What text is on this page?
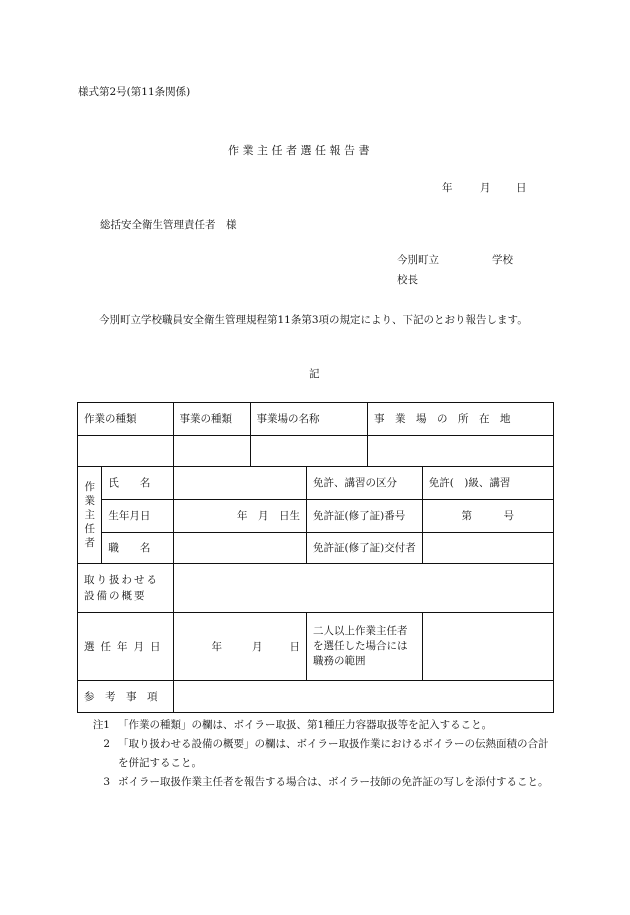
様式第2号(第11条関係)
作 業 主 任 者 選 任 報 告 書
年	月 日
総括安全衛生管理責任者　様
今別町立	学校
校長
今別町立学校職員安全衛生管理規程第11条第3項の規定により、下記のとおり報告します。
記
作業の種類		事業の種類	事業場の名称		事　業　場　の　所　在　地	

作業主任者	氏　　名			免許、講習の区分		免許(　)級、講習
	生年月日	年　月　日生		免許証(修了証)番号		第　　　号
	職　　名			免許証(修了証)交付者		
取り扱わせる設備の概要						
選任年月日		年 月 日		二人以上作業主任者を選任した場合には職務の範囲		
参　考　事　項						
注1 「作業の種類」の欄は、ボイラー取扱、第1種圧力容器取扱等を記入すること。
2 「取り扱わせる設備の概要」の欄は、ボイラー取扱作業におけるボイラーの伝熱面積の合計を併記すること。
3 ボイラー取扱作業主任者を報告する場合は、ボイラー技師の免許証の写しを添付すること。
